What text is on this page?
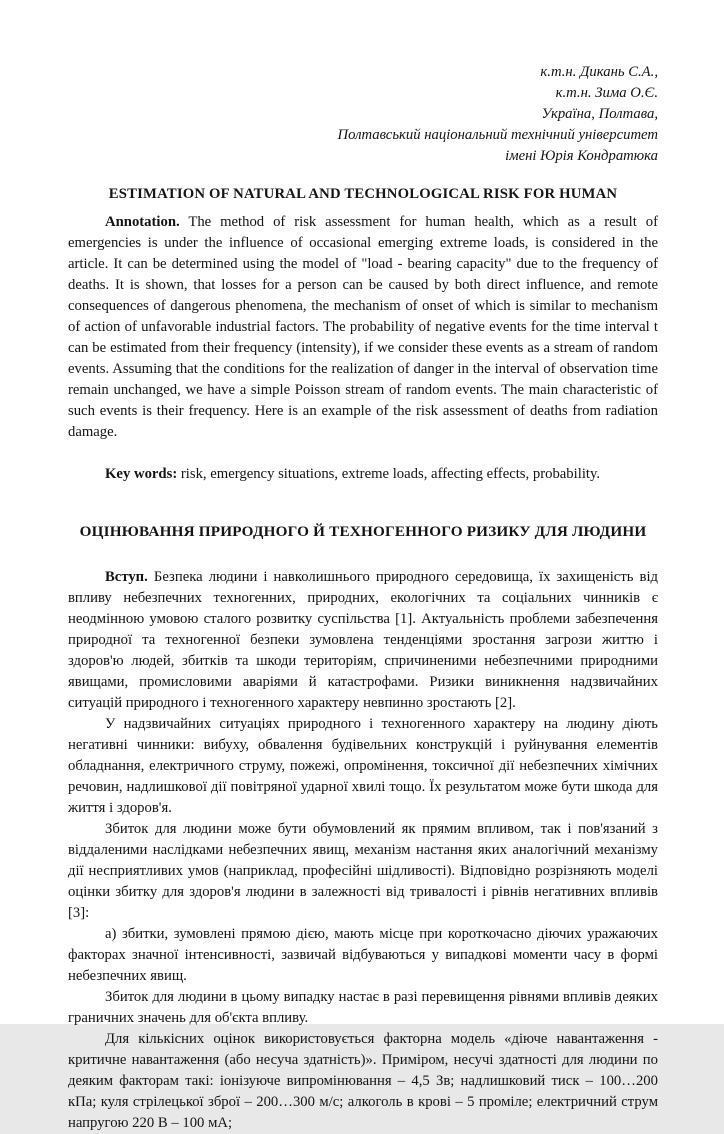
к.т.н. Дикань С.А.,
к.т.н. Зима О.Є.
Україна, Полтава,
Полтавський національний технічний університет
імені Юрія Кондратюка
ESTIMATION OF NATURAL AND TECHNOLOGICAL RISK FOR HUMAN

Annotation. The method of risk assessment for human health, which as a result of emergencies is under the influence of occasional emerging extreme loads, is considered in the article. It can be determined using the model of "load - bearing capacity" due to the frequency of deaths. It is shown, that losses for a person can be caused by both direct influence, and remote consequences of dangerous phenomena, the mechanism of onset of which is similar to mechanism of action of unfavorable industrial factors. The probability of negative events for the time interval t can be estimated from their frequency (intensity), if we consider these events as a stream of random events. Assuming that the conditions for the realization of danger in the interval of observation time remain unchanged, we have a simple Poisson stream of random events. The main characteristic of such events is their frequency. Here is an example of the risk assessment of deaths from radiation damage.

Key words: risk, emergency situations, extreme loads, affecting effects, probability.

ОЦІНЮВАННЯ ПРИРОДНОГО Й ТЕХНОГЕННОГО РИЗИКУ ДЛЯ ЛЮДИНИ

Вступ. Безпека людини і навколишнього природного середовища, їх захищеність від впливу небезпечних техногенних, природних, екологічних та соціальних чинників є неодмінною умовою сталого розвитку суспільства [1]. Актуальність проблеми забезпечення природної та техногенної безпеки зумовлена тенденціями зростання загрози життю і здоров'ю людей, збитків та шкоди територіям, спричиненими небезпечними природними явищами, промисловими аваріями й катастрофами. Ризики виникнення надзвичайних ситуацій природного і техногенного характеру невпинно зростають [2].

У надзвичайних ситуаціях природного і техногенного характеру на людину діють негативні чинники: вибуху, обвалення будівельних конструкцій і руйнування елементів обладнання, електричного струму, пожежі, опромінення, токсичної дії небезпечних хімічних речовин, надлишкової дії повітряної ударної хвилі тощо. Їх результатом може бути шкода для життя і здоров'я.

Збиток для людини може бути обумовлений як прямим впливом, так і пов'язаний з віддаленими наслідками небезпечних явищ, механізм настання яких аналогічний механізму дії несприятливих умов (наприклад, професійні шідливості). Відповідно розрізняють моделі оцінки збитку для здоров'я людини в залежності від тривалості і рівнів негативних впливів [3]:

а) збитки, зумовлені прямою дією, мають місце при короткочасно діючих уражаючих факторах значної інтенсивності, зазвичай відбуваються у випадкові моменти часу в формі небезпечних явищ.

Збиток для людини в цьому випадку настає в разі перевищення рівнями впливів деяких граничних значень для об'єкта впливу.

Для кількісних оцінок використовується факторна модель «діюче навантаження - критичне навантаження (або несуча здатність)». Приміром, несучі здатності для людини по деяким факторам такі: іонізуюче випромінювання – 4,5 Зв; надлишковий тиск – 100…200 кПа; куля стрілецької зброї – 200…300 м/с; алкоголь в крові – 5 проміле; електричний струм напругою 220 В – 100 мА;
